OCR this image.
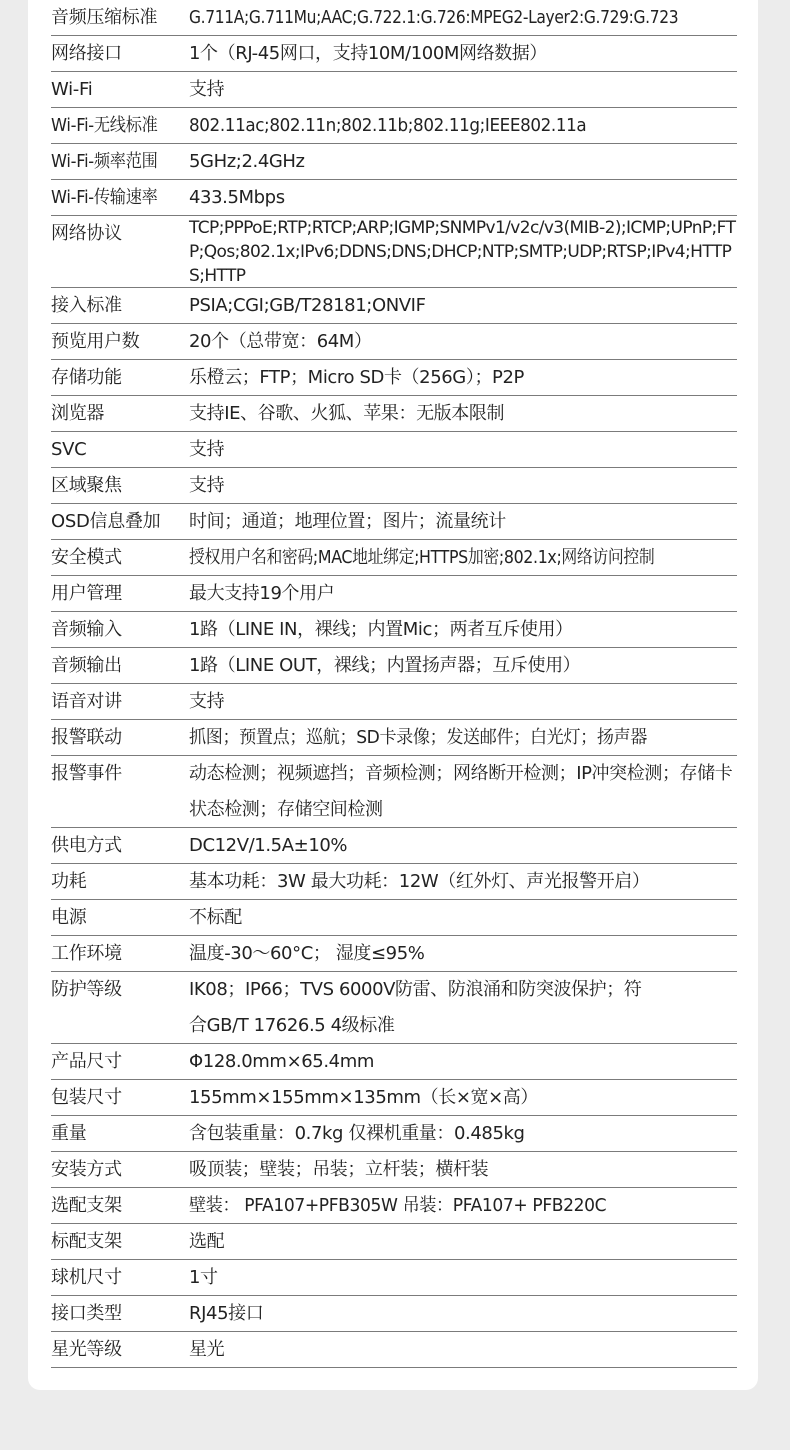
音频压缩标准	G.711A;G.711Mu;AAC;G.722.1:G.726:MPEG2-Layer2:G.729:G.723
网络接口	1个（RJ-45网口，支持10M/100M网络数据）
Wi-Fi	支持
Wi-Fi-无线标准	802.11ac;802.11n;802.11b;802.11g;IEEE802.11a
Wi-Fi-频率范围	5GHz;2.4GHz
Wi-Fi-传输速率	433.5Mbps
网络协议	TCP;PPPoE;RTP;RTCP;ARP;IGMP;SNMPv1/v2c/v3(MIB-2);ICMP;UPnP;FTP;Qos;802.1x;IPv6;DDNS;DNS;DHCP;NTP;SMTP;UDP;RTSP;IPv4;HTTPS;HTTP
接入标准	PSIA;CGI;GB/T28181;ONVIF
预览用户数	20个（总带宽：64M）
存储功能	乐橙云；FTP；Micro SD卡（256G）；P2P
浏览器	支持IE、谷歌、火狐、苹果：无版本限制
SVC	支持
区域聚焦	支持
OSD信息叠加	时间；通道；地理位置；图片；流量统计
安全模式	授权用户名和密码;MAC地址绑定;HTTPS加密;802.1x;网络访问控制
用户管理	最大支持19个用户
音频输入	1路（LINE IN，裸线；内置Mic；两者互斥使用）
音频输出	1路（LINE OUT，裸线；内置扬声器；互斥使用）
语音对讲	支持
报警联动	抓图；预置点；巡航；SD卡录像；发送邮件；白光灯；扬声器
报警事件	动态检测；视频遮挡；音频检测；网络断开检测；IP冲突检测；存储卡状态检测；存储空间检测
供电方式	DC12V/1.5A±10%
功耗	基本功耗：3W 最大功耗：12W（红外灯、声光报警开启）
电源	不标配
工作环境	温度-30～60°C； 湿度≤95%
防护等级	IK08；IP66；TVS 6000V防雷、防浪涌和防突波保护；符合GB/T 17626.5 4级标准
产品尺寸	Φ128.0mm×65.4mm
包装尺寸	155mm×155mm×135mm（长×宽×高）
重量	含包装重量：0.7kg 仅裸机重量：0.485kg
安装方式	吸顶装；壁装；吊装；立杆装；横杆装
选配支架	壁装： PFA107+PFB305W 吊装：PFA107+ PFB220C
标配支架	选配
球机尺寸	1寸
接口类型	RJ45接口
星光等级	星光
